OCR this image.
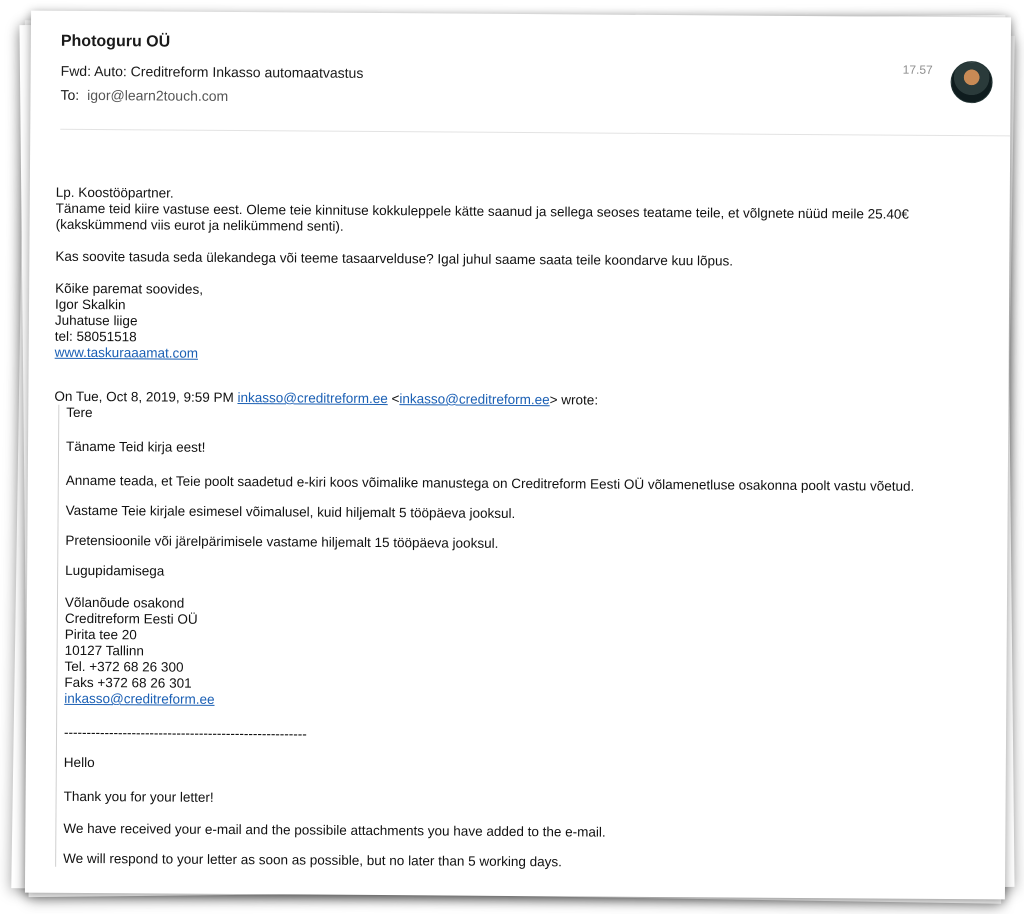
Photoguru OÜ
Fwd: Auto: Creditreform Inkasso automaatvastus
To: igor@learn2touch.com
17.57

Lp. Koostööpartner.

Täname teid kiire vastuse eest. Oleme teie kinnituse kokkuleppele kätte saanud ja sellega seoses teatame teile, et võlgnete nüüd meile 25.40€ (kakskümmend viis eurot ja nelikümmend senti).

Kas soovite tasuda seda ülekandega või teeme tasaarvelduse? Igal juhul saame saata teile koondarve kuu lõpus.

Kõike paremat soovides,

Igor Skalkin

Juhatuse liige

tel: 58051518

www.taskuraaamat.com

On Tue, Oct 8, 2019, 9:59 PM inkasso@creditreform.ee <inkasso@creditreform.ee> wrote:

Tere

Täname Teid kirja eest!

Anname teada, et Teie poolt saadetud e-kiri koos võimalike manustega on Creditreform Eesti OÜ võlamenetluse osakonna poolt vastu võetud.

Vastame Teie kirjale esimesel võimalusel, kuid hiljemalt 5 tööpäeva jooksul.

Pretensioonile või järelpärimisele vastame hiljemalt 15 tööpäeva jooksul.

Lugupidamisega

Võlanõude osakond

Creditreform Eesti OÜ

Pirita tee 20

10127 Tallinn

Tel. +372 68 26 300

Faks +372 68 26 301

inkasso@creditreform.ee

------------------------------------------------------

Hello

Thank you for your letter!

We have received your e-mail and the possibile attachments you have added to the e-mail.

We will respond to your letter as soon as possible, but no later than 5 working days.
